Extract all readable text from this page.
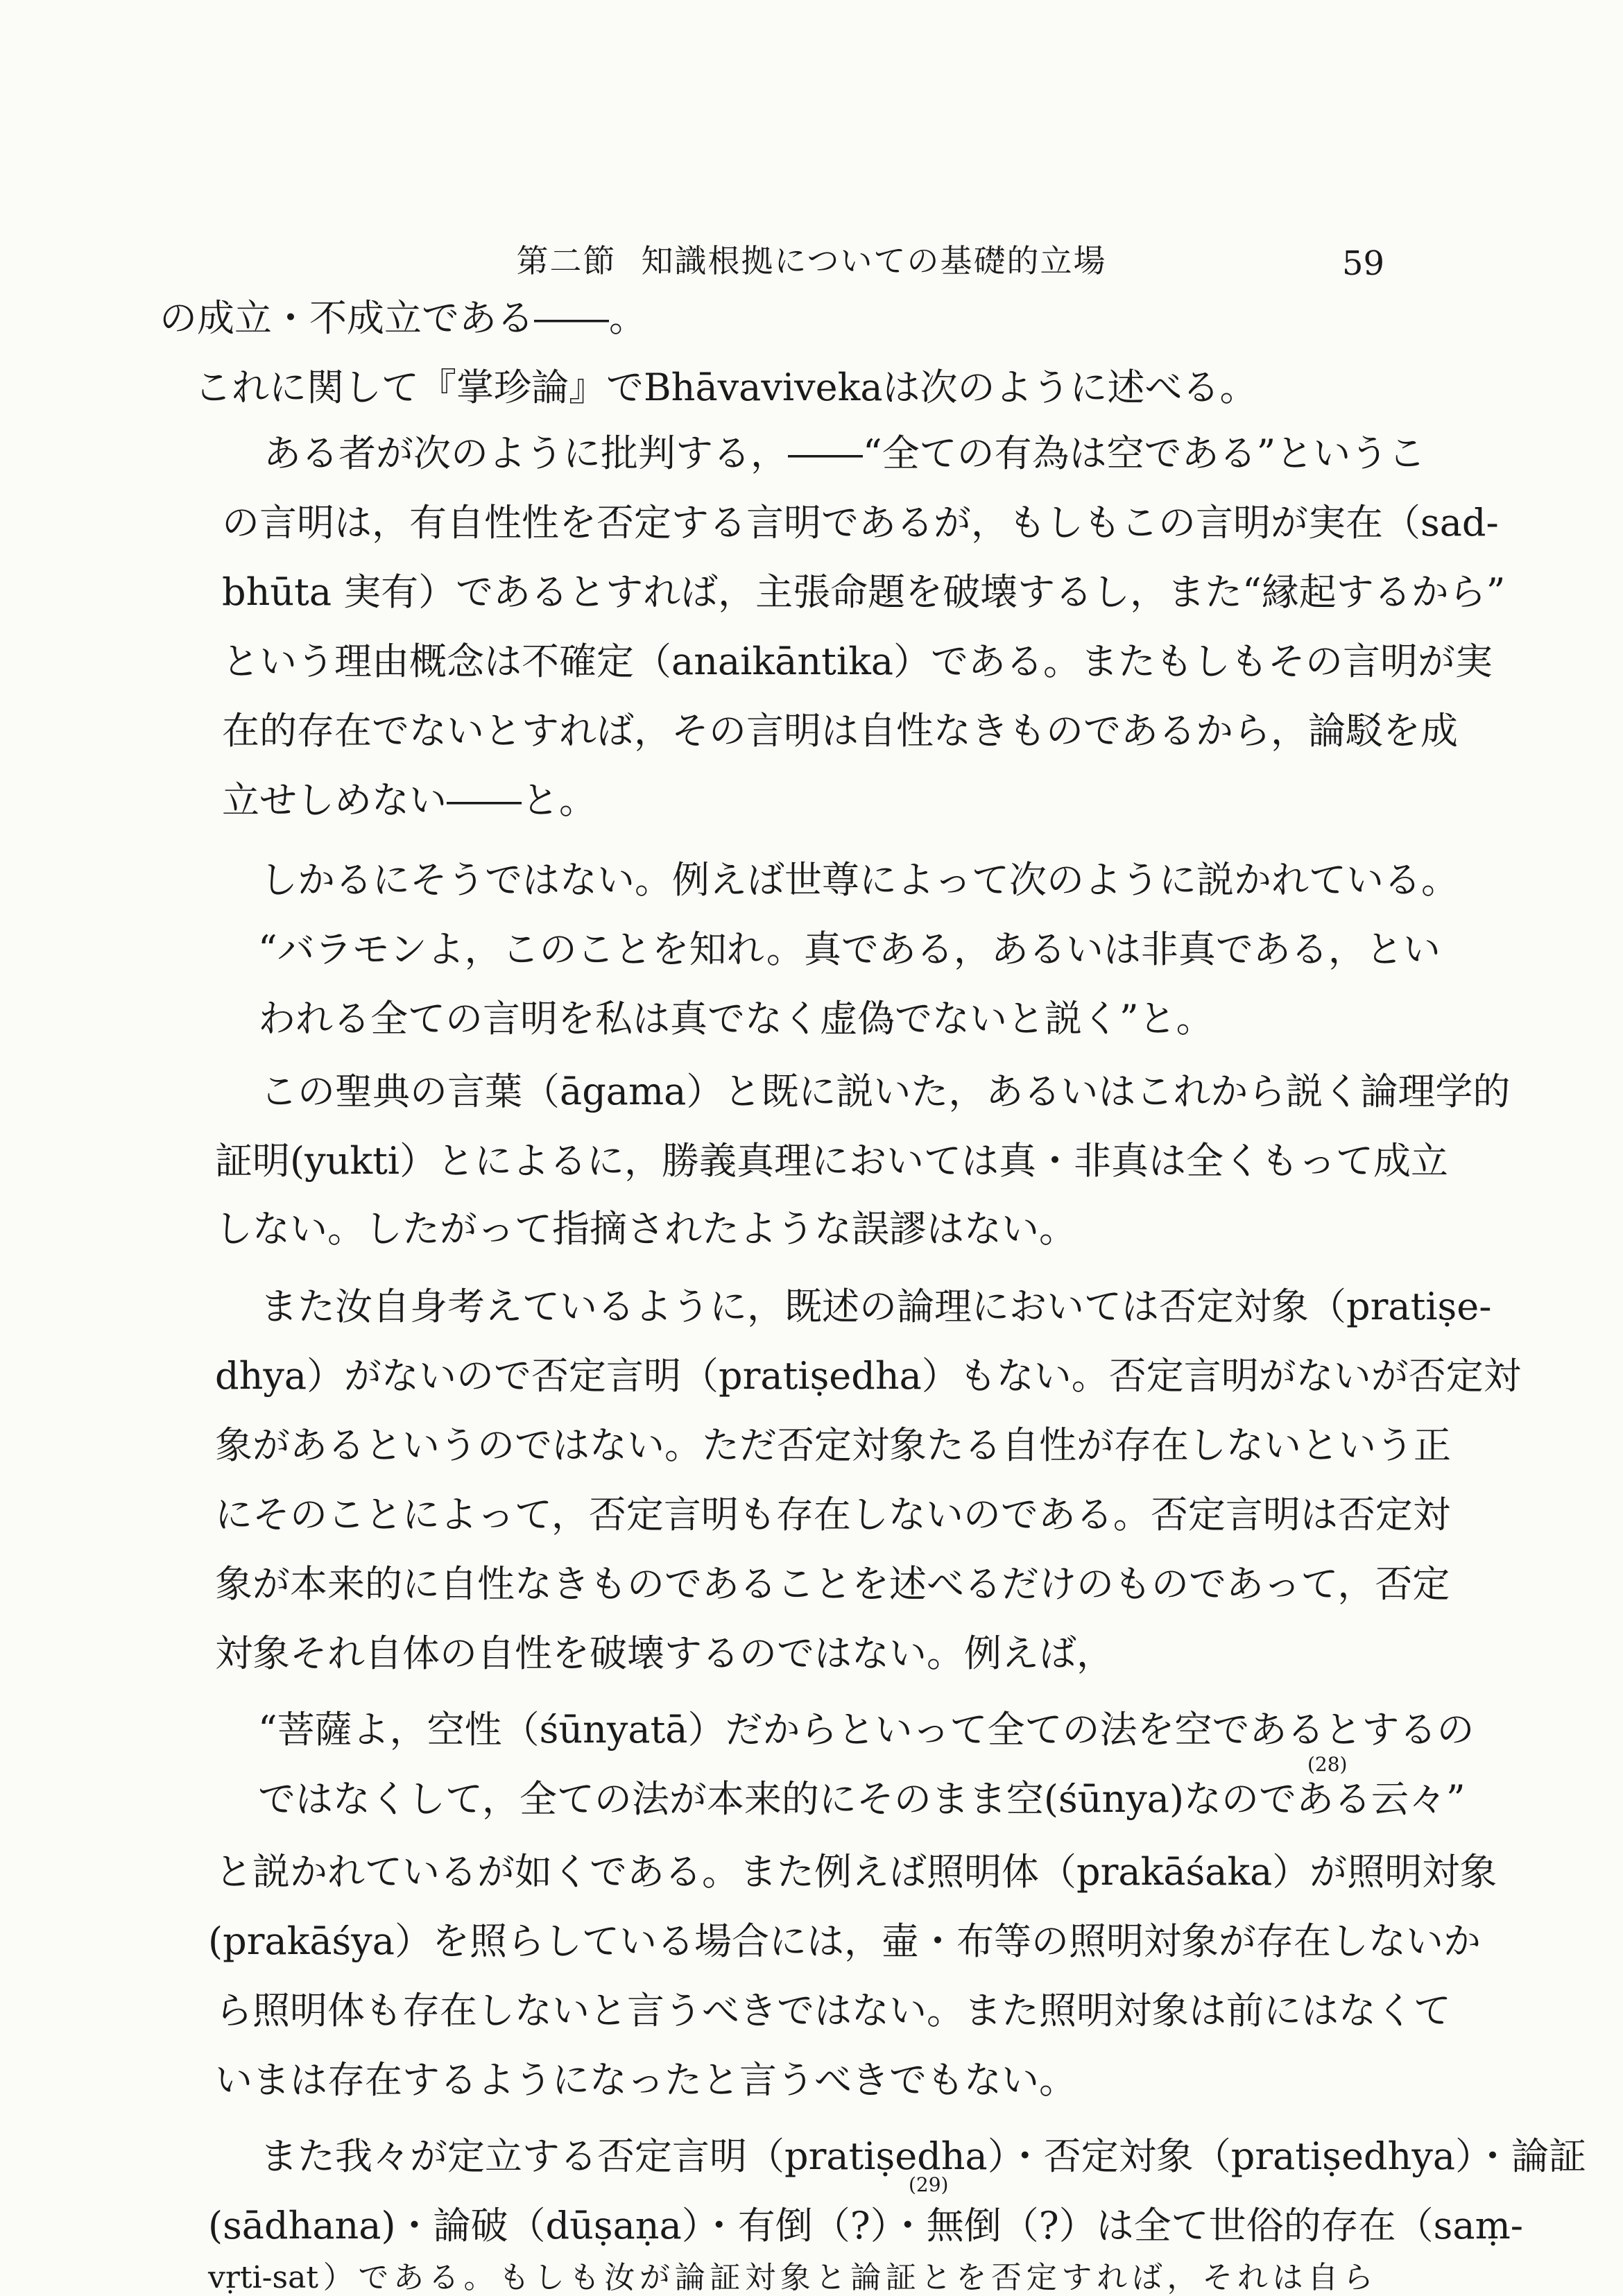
第二節 知識根拠についての基礎的立場	59
の成立・不成立である――。
これに関して『掌珍論』でBhāvavivekaは次のように述べる。
ある者が次のように批判する，――“全ての有為は空である”というこ
の言明は，有自性性を否定する言明であるが，もしもこの言明が実在（sad-
bhūta 実有）であるとすれば，主張命題を破壊するし，また“縁起するから”
という理由概念は不確定（anaikāntika）である。またもしもその言明が実
在的存在でないとすれば，その言明は自性なきものであるから，論駁を成
立せしめない――と。
しかるにそうではない。例えば世尊によって次のように説かれている。
“バラモンよ，このことを知れ。真である，あるいは非真である，とい
われる全ての言明を私は真でなく虚偽でないと説く”と。
この聖典の言葉（āgama）と既に説いた，あるいはこれから説く論理学的
証明(yukti）とによるに，勝義真理においては真・非真は全くもって成立
しない。したがって指摘されたような誤謬はない。
また汝自身考えているように，既述の論理においては否定対象（pratiṣe-
dhya）がないので否定言明（pratiṣedha）もない。否定言明がないが否定対
象があるというのではない。ただ否定対象たる自性が存在しないという正
にそのことによって，否定言明も存在しないのである。否定言明は否定対
象が本来的に自性なきものであることを述べるだけのものであって，否定
対象それ自体の自性を破壊するのではない。例えば，
“菩薩よ，空性（śūnyatā）だからといって全ての法を空であるとするの
(28)
ではなくして，全ての法が本来的にそのまま空(śūnya)なのである云々”
と説かれているが如くである。また例えば照明体（prakāśaka）が照明対象
(prakāśya）を照らしている場合には，壷・布等の照明対象が存在しないか
ら照明体も存在しないと言うべきではない。また照明対象は前にはなくて
いまは存在するようになったと言うべきでもない。
また我々が定立する否定言明（pratiṣedha）・否定対象（pratiṣedhya）・論証
(29)
(sādhana)・論破（dūṣaṇa）・有倒（?）・無倒（?）は全て世俗的存在（saṃ-
vṛti-sat）である。もしも汝が論証対象と論証とを否定すれば，それは自ら
